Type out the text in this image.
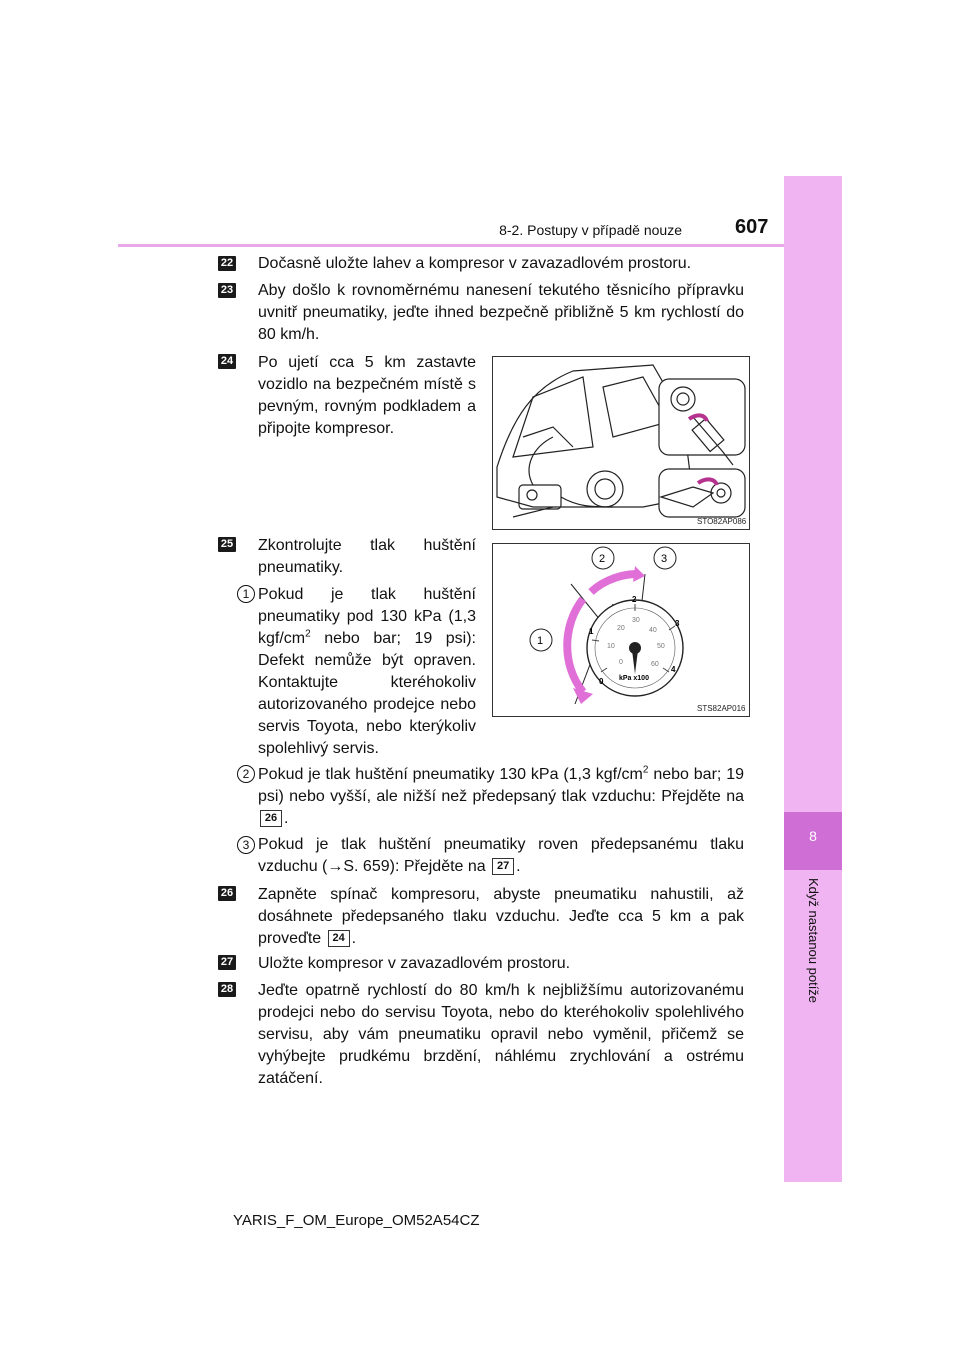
8-2. Postupy v případě nouze	607
8
Když nastanou potíže
22 Dočasně uložte lahev a kompresor v zavazadlovém prostoru.
23 Aby došlo k rovnoměrnému nanesení tekutého těsnicího přípravku uvnitř pneumatiky, jeďte ihned bezpečně přibližně 5 km rychlostí do 80 km/h.
24 Po ujetí cca 5 km zastavte vozidlo na bezpečném místě s pevným, rovným podkladem a připojte kompresor.
STO82AP086
25 Zkontrolujte tlak huštění pneumatiky.
0
1
2
3
4
0
10
20
30
40
50
60
kPa x100
1
2	3
STS82AP016
1 Pokud je tlak huštění pneumatiky pod 130 kPa (1,3 kgf/$cm^2$ nebo bar; 19 psi): Defekt nemůže být opraven. Kontaktujte kteréhokoliv autorizovaného prodejce nebo servis Toyota, nebo kterýkoliv spolehlivý servis.
2 Pokud je tlak huštění pneumatiky 130 kPa (1,3 kgf/$cm^2$ nebo bar; 19 psi) nebo vyšší, ale nižší než předepsaný tlak vzduchu: Přejděte na 26 .
3 Pokud je tlak huštění pneumatiky roven předepsanému tlaku vzduchu (→S. 659): Přejděte na 27 .
26 Zapněte spínač kompresoru, abyste pneumatiku nahustili, až dosáhnete předepsaného tlaku vzduchu. Jeďte cca 5 km a pak proveďte 24 .
27 Uložte kompresor v zavazadlovém prostoru.
28 Jeďte opatrně rychlostí do 80 km/h k nejbližšímu autorizovanému prodejci nebo do servisu Toyota, nebo do kteréhokoliv spolehlivého servisu, aby vám pneumatiku opravil nebo vyměnil, přičemž se vyhýbejte prudkému brzdění, náhlému zrychlování a ostrému zatáčení.
YARIS_F_OM_Europe_OM52A54CZ
